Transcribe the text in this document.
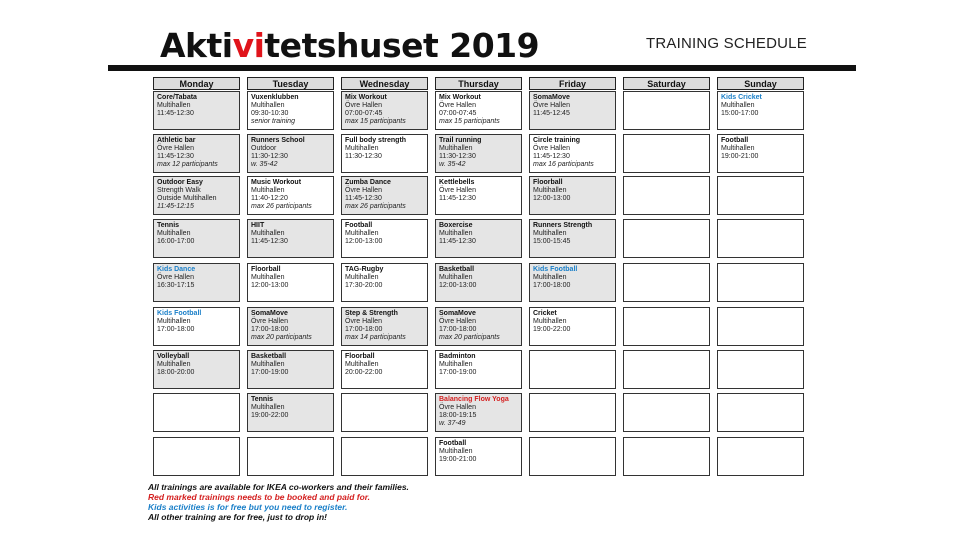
Aktivitetshuset 2019	TRAINING SCHEDULE
Monday
Core/Tabata
Multihallen
11:45-12:30
Athletic bar
Övre Hallen
11:45-12:30
max 12 participants
Outdoor Easy
Strength Walk
Outside Multihallen
11:45-12:15
Tennis
Multihallen
16:00-17:00
Kids Dance
Övre Hallen
16:30-17:15
Kids Football
Multihallen
17:00-18:00
Volleyball
Multihallen
18:00-20:00
Tuesday
Vuxenklubben
Multihallen
09:30-10:30
senior training
Runners School
Outdoor
11:30-12:30
w. 35-42
Music Workout
Multihallen
11:40-12:20
max 26 participants
HIIT
Multihallen
11:45-12:30
Floorball
Multihallen
12:00-13:00
SomaMove
Övre Hallen
17:00-18:00
max 20 participants
Basketball
Multihallen
17:00-19:00
Tennis
Multihallen
19:00-22:00
Wednesday
Mix Workout
Övre Hallen
07:00-07:45
max 15 participants
Full body strength
Multihallen
11:30-12:30
Zumba Dance
Övre Hallen
11:45-12:30
max 26 participants
Football
Multihallen
12:00-13:00
TAG-Rugby
Multihallen
17:30-20:00
Step & Strength
Övre Hallen
17:00-18:00
max 14 participants
Floorball
Multihallen
20:00-22:00
Thursday
Mix Workout
Övre Hallen
07:00-07:45
max 15 participants
Trail running
Multihallen
11:30-12:30
w. 35-42
Kettlebells
Övre Hallen
11:45-12:30
Boxercise
Multihallen
11:45-12:30
Basketball
Multihallen
12:00-13:00
SomaMove
Övre Hallen
17:00-18:00
max 20 participants
Badminton
Multihallen
17:00-19:00
Balancing Flow Yoga
Övre Hallen
18:00-19:15
w. 37-49
Football
Multihallen
19:00-21:00
Friday
SomaMove
Övre Hallen
11:45-12:45
Circle training
Övre Hallen
11:45-12:30
max 16 participants
Floorball
Multihallen
12:00-13:00
Runners Strength
Multihallen
15:00-15:45
Kids Football
Multihallen
17:00-18:00
Cricket
Multihallen
19:00-22:00
Saturday	Sunday
Kids Cricket
Multihallen
15:00-17:00
Football
Multihallen
19:00-21:00
All trainings are available for IKEA co-workers and their families.
Red marked trainings needs to be booked and paid for.
Kids activities is for free but you need to register.
All other training are for free, just to drop in!
